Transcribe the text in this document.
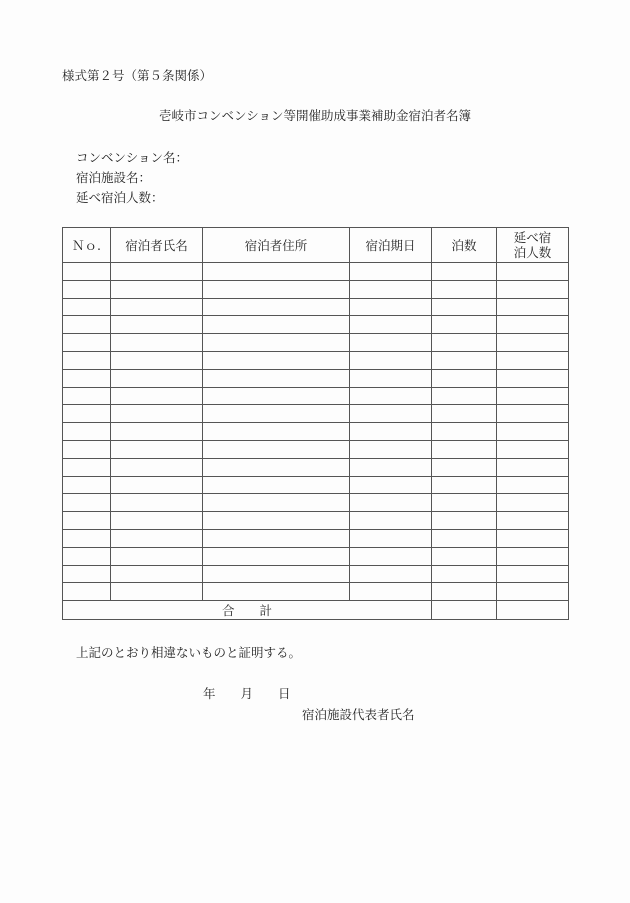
様式第２号（第５条関係）
壱岐市コンベンション等開催助成事業補助金宿泊者名簿
コンベンション名：
宿泊施設名：
延べ宿泊人数：
Ｎｏ.	宿泊者氏名	宿泊者住所	宿泊期日	泊数	延べ宿
泊人数

合　　計					
上記のとおり相違ないものと証明する。
年　　月　　日
宿泊施設代表者氏名
